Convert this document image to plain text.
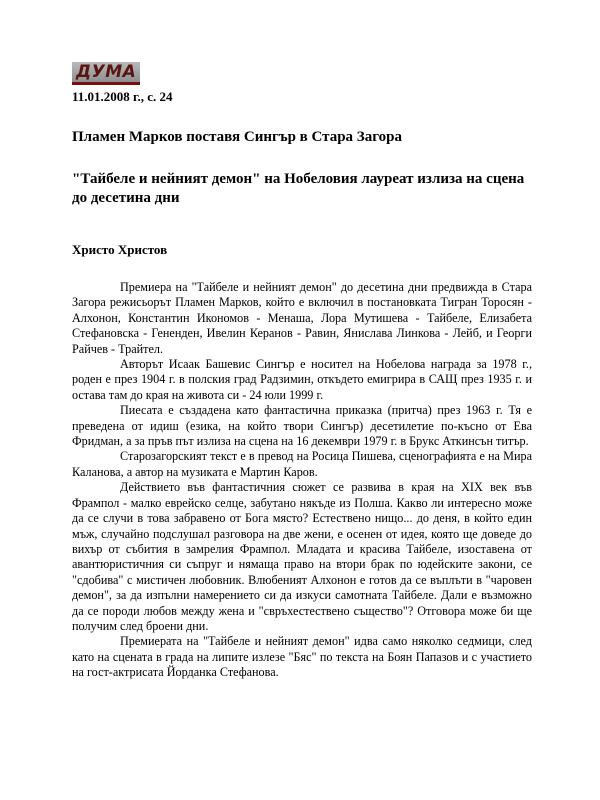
ДУМА
11.01.2008 г., с. 24
Пламен Марков поставя Сингър в Стара Загора
"Тайбеле и нейният демон" на Нобеловия лауреат излиза на сцена до десетина дни
Христо Христов

Премиера на "Тайбеле и нейният демон" до десетина дни предвижда в Стара Загора режисьорът Пламен Марков, който е включил в постановката Тигран Торосян - Алхонон, Константин Икономов - Менаша, Лора Мутишева - Тайбеле, Елизабета Стефановска - Гененден, Ивелин Керанов - Равин, Янислава Линкова - Лейб, и Георги Райчев - Трайтел.

Авторът Исаак Башевис Сингър е носител на Нобелова награда за 1978 г., роден е през 1904 г. в полския град Радзимин, откъдето емигрира в САЩ през 1935 г. и остава там до края на живота си - 24 юли 1999 г.

Пиесата е създадена като фантастична приказка (притча) през 1963 г. Тя е преведена от идиш (езика, на който твори Сингър) десетилетие по-късно от Ева Фридман, а за пръв път излиза на сцена на 16 декември 1979 г. в Брукс Аткинсън титър.

Старозагорският текст е в превод на Росица Пишева, сценографията е на Мира Каланова, а автор на музиката е Мартин Каров.

Действието във фантастичния сюжет се развива в края на XIX век във Фрампол - малко еврейско селце, забутано някъде из Полша. Какво ли интересно може да се случи в това забравено от Бога място? Естествено нищо... до деня, в който един мъж, случайно подслушал разговора на две жени, е осенен от идея, която ще доведе до вихър от събития в замрелия Фрампол. Младата и красива Тайбеле, изоставена от авантюристичния си съпруг и нямаща право на втори брак по юдейските закони, се "сдобива" с мистичен любовник. Влюбеният Алхонон е готов да се въплъти в "чаровен демон", за да изпълни намерението си да изкуси самотната Тайбеле. Дали е възможно да се породи любов между жена и "свръхестествено същество"? Отговора може би ще получим след броени дни.

Премиерата на "Тайбеле и нейният демон" идва само няколко седмици, след като на сцената в града на липите излезе "Бяс" по текста на Боян Папазов и с участието на гост-актрисата Йорданка Стефанова.
